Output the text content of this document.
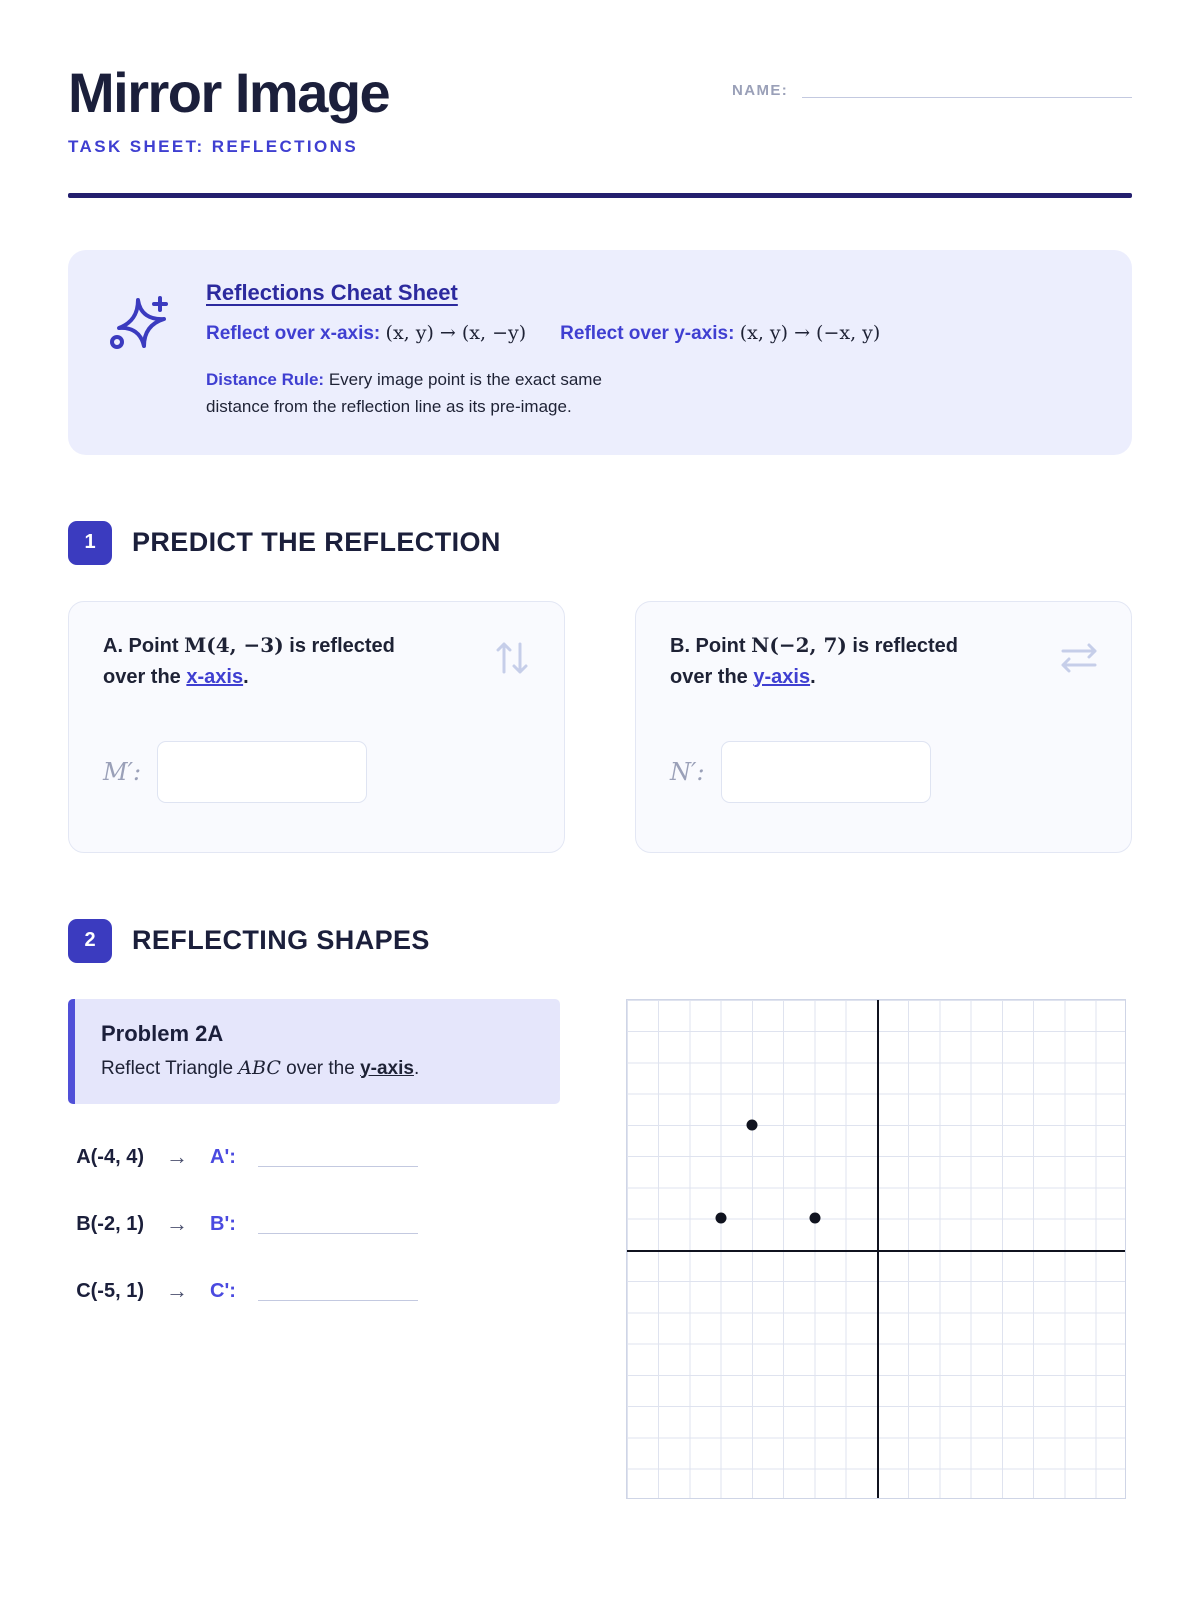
Mirror Image
TASK SHEET: REFLECTIONS
NAME:
Reflections Cheat Sheet
Reflect over x-axis: (x, y) → (x, −y) Reflect over y-axis: (x, y) → (−x, y)
Distance Rule: Every image point is the exact same distance from the reflection line as its pre-image.
1	PREDICT THE REFLECTION
A. Point M(4, −3) is reflected over the x-axis.
M′:
B. Point N(−2, 7) is reflected over the y-axis.
N′:
2	REFLECTING SHAPES
Problem 2A
Reflect Triangle ABC over the y-axis.
A(-4, 4) → A':
B(-2, 1) → B':
C(-5, 1) → C':
